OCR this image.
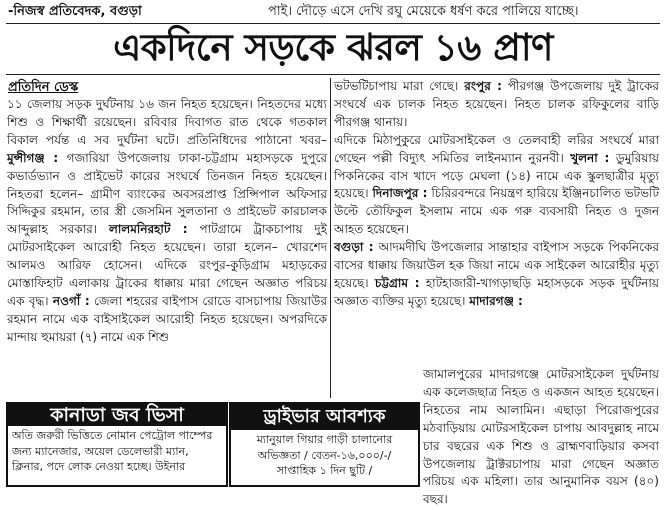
-নিজস্ব প্রতিবেদক, বগুড়া	পাই। দৌড়ে এসে দেখি রঘু মেয়েকে ধর্ষণ করে পালিয়ে যাচ্ছে।
একদিনে সড়কে ঝরল ১৬ প্রাণ
প্রতিদিন ডেস্ক

১১ জেলায় সড়ক দুর্ঘটনায় ১৬ জন নিহত হয়েছেন। নিহতদের মধ্যে শিশু ও শিক্ষার্থী রয়েছেন। রবিবার দিবাগত রাত থেকে গতকাল বিকাল পর্যন্ত এ সব দুর্ঘটনা ঘটে। প্রতিনিধিদের পাঠানো খবর– মুন্সীগঞ্জ : গজারিয়া উপজেলায় ঢাকা-চট্টগ্রাম মহাসড়কে দুপুরে কভার্ডভ্যান ও প্রাইভেট কারের সংঘর্ষে তিনজন নিহত হয়েছেন। নিহতরা হলেন– গ্রামীণ ব্যাংকের অবসরপ্রাপ্ত প্রিন্সিপাল অফিসার সিদ্দিকুর রহমান, তার স্ত্রী জেসমিন সুলতানা ও প্রাইভেট কারচালক আব্দুল্লাহ সরকার। লালমনিরহাট : পাটগ্রামে ট্রাকচাপায় দুই মোটরসাইকেল আরোহী নিহত হয়েছেন। তারা হলেন– খোরশেদ আলমও আরিফ হোসেন। এদিকে রংপুর-কুড়িগ্রাম মহাড়কের মোস্তাফিহাট এলাকায় ট্রাকের ধাক্কায় মারা গেছেন অজ্ঞাত পরিচয় এক বৃদ্ধ। নওগাঁ : জেলা শহরের বাইপাস রোডে বাসচাপায় জিয়াউর রহমান নামে এক বাইসাইকেল আরোহী নিহত হয়েছেন। অপরদিকে মান্দায় হুমায়রা (৭) নামে এক শিশু

ভটভটিচাপায় মারা গেছে। রংপুর : পীরগঞ্জ উপজেলায় দুই ট্রাকের সংঘর্ষে এক চালক নিহত হয়েছেন। নিহত চালক রফিকুলের বাড়ি পীরগঞ্জ থানায়।

এদিকে মিঠাপুকুরে মোটরসাইকেল ও তেলবাহী লরির সংঘর্ষে মারা গেছেন পল্লী বিদ্যুৎ সমিতির লাইনম্যান নুরনবী। খুলনা : ডুমুরিয়ায় পিকনিকের বাস খাদে পড়ে মেঘলা (১৪) নামে এক স্কুলছাত্রীর মৃত্যু হয়েছে। দিনাজপুর : চিরিরবন্দরে নিয়ন্ত্রণ হারিয়ে ইঞ্জিনচালিত ভটভটি উল্টে তৌফিকুল ইসলাম নামে এক গরু ব্যবসায়ী নিহত ও দুজন আহত হয়েছেন।

বগুড়া : আদমদীঘি উপজেলার সান্তাহার বাইপাস সড়কে পিকনিকের বাসের ধাক্কায় জিয়াউল হক জিয়া নামে এক সাইকেল আরোহীর মৃত্যু হয়েছে। চট্টগ্রাম : হাটহাজারী-খাগড়াছড়ি মহাসড়কে সড়ক দুর্ঘটনায় অজ্ঞাত ব্যক্তির মৃত্যু হয়েছে। মাদারগঞ্জ :

জামালপুরের মাদারগঞ্জে মোটরসাইকেল দুর্ঘটনায় এক কলেজছাত্র নিহত ও একজন আহত হয়েছেন। নিহতের নাম আলামিন। এছাড়া পিরোজপুরের মঠবাড়িয়ায় মোটরসাইকেল চাপায় আবদুল্লাহ নামে চার বছরের এক শিশু ও ব্রাহ্মণবাড়িয়ার কসবা উপজেলায় ট্রাক্টরচাপায় মারা গেছেন অজ্ঞাত পরিচয় এক মহিলা। তার আনুমানিক বয়স (৪০) বছর।

কানাডা জব ভিসা
অতি জরুরী ভিত্তিতে নোমান পেট্রোল পাম্পের জন্য ম্যানেজার, অয়েল ডেলেভারী ম্যান, ক্লিনার, পদে লোক নেওয়া হচ্ছে। উইনার
ড্রাইভার আবশ্যক
ম্যানুয়াল গিয়ার গাড়ী চালানোর অভিজ্ঞতা / বেতন-১৬,০০০/-/ সাপ্তাহিক ১ দিন ছুটি /
